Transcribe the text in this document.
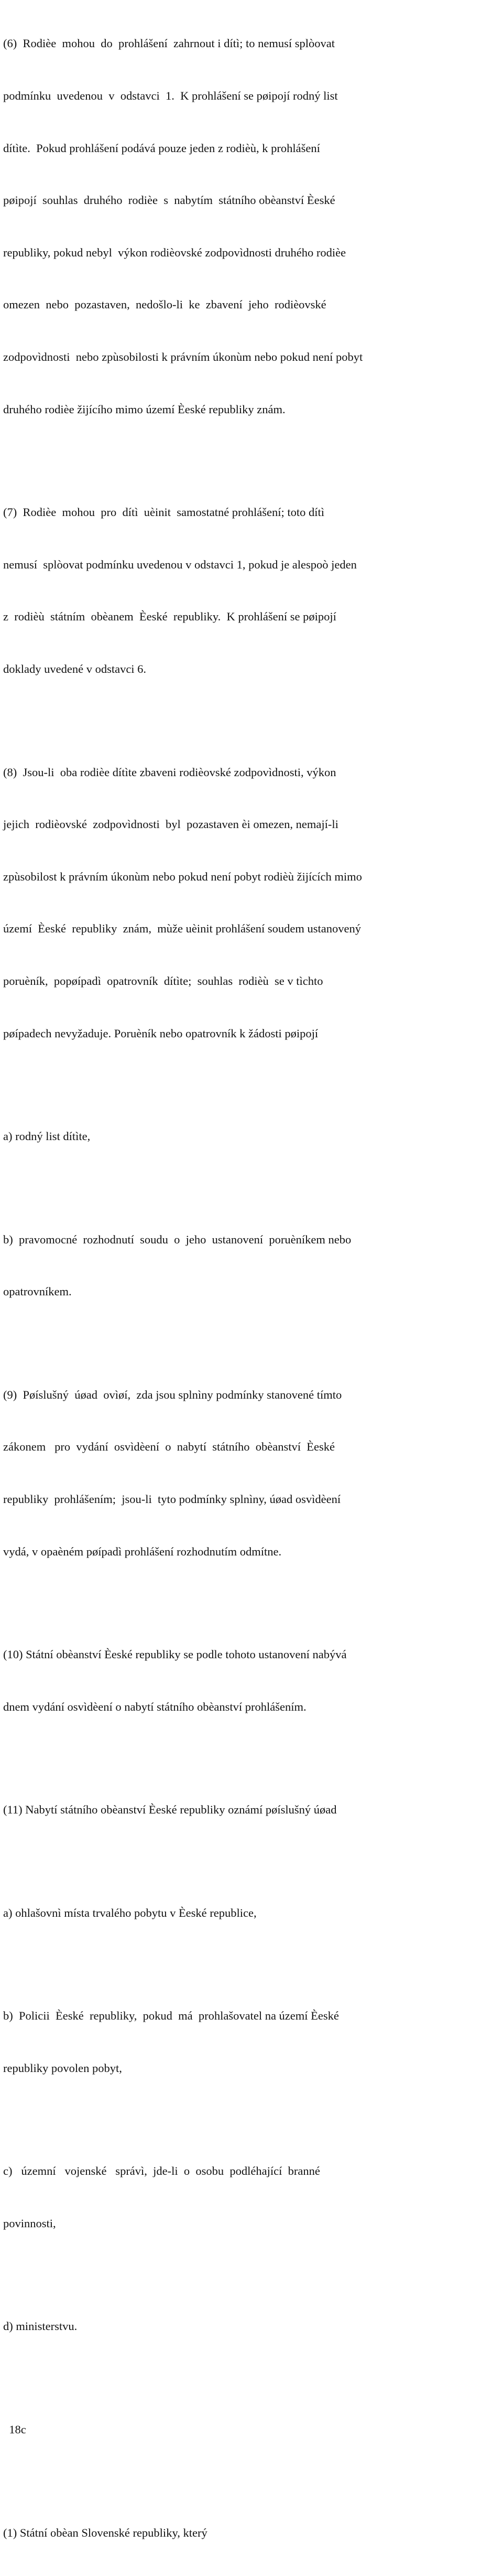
(6)  Rodièe  mohou  do  prohlášení  zahrnout i dítì; to nemusí splòovat

podmínku  uvedenou  v  odstavci  1.  K prohlášení se pøipojí rodný list

dítìte.  Pokud prohlášení podává pouze jeden z rodièù, k prohlášení

pøipojí  souhlas  druhého  rodièe  s  nabytím  státního obèanství Èeské

republiky, pokud nebyl  výkon rodièovské zodpovìdnosti druhého rodièe

omezen  nebo  pozastaven,  nedošlo-li  ke  zbavení  jeho  rodièovské

zodpovìdnosti  nebo zpùsobilosti k právním úkonùm nebo pokud není pobyt

druhého rodièe žijícího mimo území Èeské republiky znám.

(7)  Rodièe  mohou  pro  dítì  uèinit  samostatné prohlášení; toto dítì

nemusí  splòovat podmínku uvedenou v odstavci 1, pokud je alespoò jeden

z  rodièù  státním  obèanem  Èeské  republiky.  K prohlášení se pøipojí

doklady uvedené v odstavci 6.

(8)  Jsou-li  oba rodièe dítìte zbaveni rodièovské zodpovìdnosti, výkon

jejich  rodièovské  zodpovìdnosti  byl  pozastaven èi omezen, nemají-li

zpùsobilost k právním úkonùm nebo pokud není pobyt rodièù žijících mimo

území  Èeské  republiky  znám,  mùže uèinit prohlášení soudem ustanovený

poruèník,  popøípadì  opatrovník  dítìte;  souhlas  rodièù  se v tìchto

pøípadech nevyžaduje. Poruèník nebo opatrovník k žádosti pøipojí

a) rodný list dítìte,

b)  pravomocné  rozhodnutí  soudu  o  jeho  ustanovení  poruèníkem nebo

opatrovníkem.

(9)  Pøíslušný  úøad  ovìøí,  zda jsou splnìny podmínky stanovené tímto

zákonem   pro  vydání  osvìdèení  o  nabytí  státního  obèanství  Èeské

republiky  prohlášením;  jsou-li  tyto podmínky splnìny, úøad osvìdèení

vydá, v opaèném pøípadì prohlášení rozhodnutím odmítne.

(10) Státní obèanství Èeské republiky se podle tohoto ustanovení nabývá

dnem vydání osvìdèení o nabytí státního obèanství prohlášením.

(11) Nabytí státního obèanství Èeské republiky oznámí pøíslušný úøad

a) ohlašovnì místa trvalého pobytu v Èeské republice,

b)  Policii  Èeské  republiky,  pokud  má  prohlašovatel na území Èeské

republiky povolen pobyt,

c)   územní   vojenské   správì,  jde-li  o  osobu  podléhající  branné

povinnosti,

d) ministerstvu.

18c

(1) Státní obèan Slovenské republiky, který
